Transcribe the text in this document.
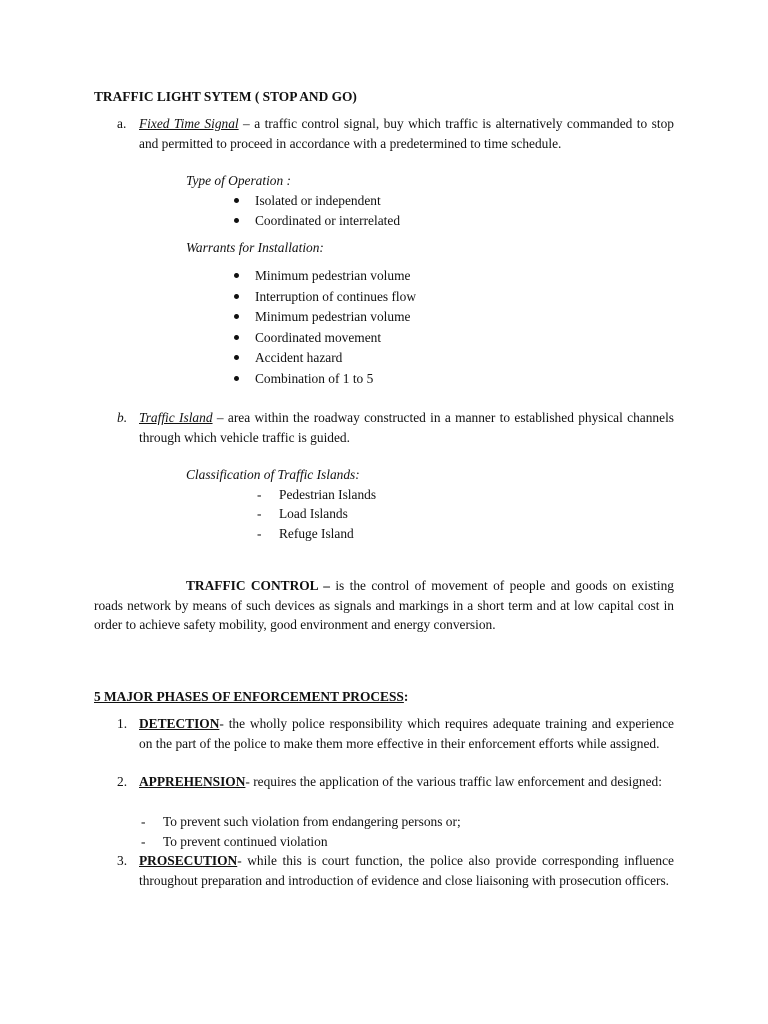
TRAFFIC LIGHT SYTEM ( STOP AND GO)
a. Fixed Time Signal – a traffic control signal, buy which traffic is alternatively commanded to stop and permitted to proceed in accordance with a predetermined to time schedule.
Type of Operation :
Isolated or independent
Coordinated or interrelated
Warrants for Installation:
Minimum pedestrian volume
Interruption of continues flow
Minimum pedestrian volume
Coordinated movement
Accident hazard
Combination of 1 to 5
b. Traffic Island – area within the roadway constructed in a manner to established physical channels through which vehicle traffic is guided.
Classification of Traffic Islands:
- Pedestrian Islands
- Load Islands
- Refuge Island
TRAFFIC CONTROL – is the control of movement of people and goods on existing roads network by means of such devices as signals and markings in a short term and at low capital cost in order to achieve safety mobility, good environment and energy conversion.
5 MAJOR PHASES OF ENFORCEMENT PROCESS:
1. DETECTION- the wholly police responsibility which requires adequate training and experience on the part of the police to make them more effective in their enforcement efforts while assigned.
2. APPREHENSION- requires the application of the various traffic law enforcement and designed:
- To prevent such violation from endangering persons or;
- To prevent continued violation
3. PROSECUTION- while this is court function, the police also provide corresponding influence throughout preparation and introduction of evidence and close liaisoning with prosecution officers.
